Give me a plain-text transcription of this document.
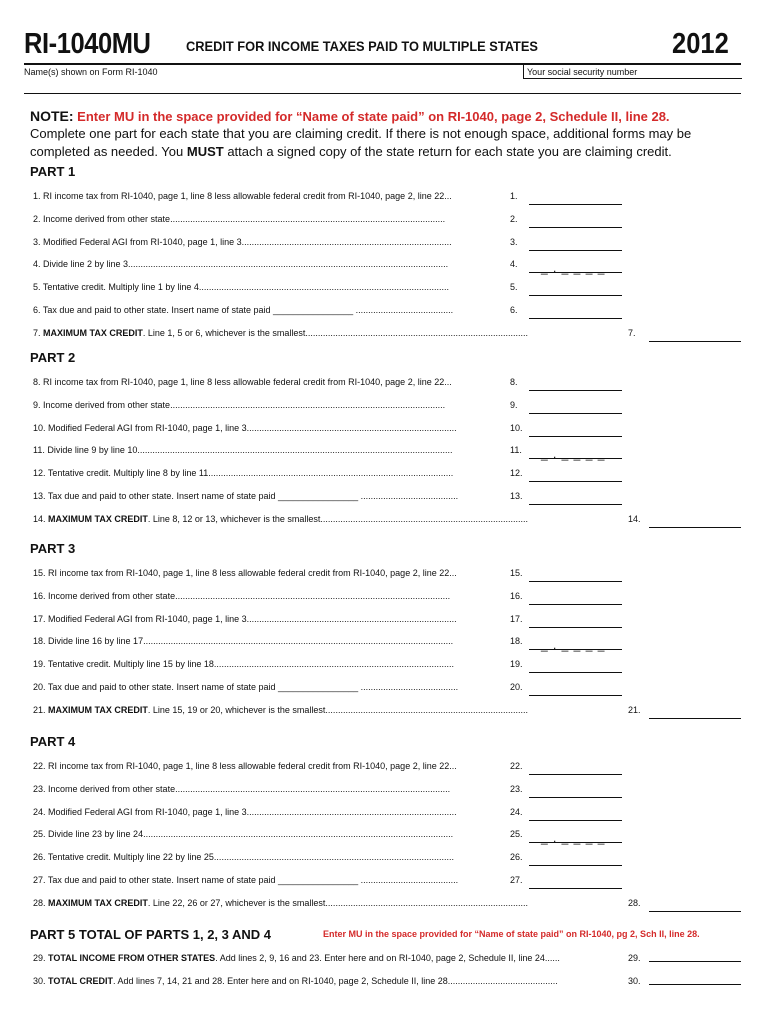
RI-1040MU	CREDIT FOR INCOME TAXES PAID TO MULTIPLE STATES	2012
Name(s) shown on Form RI-1040	Your social security number
NOTE: Enter MU in the space provided for “Name of state paid” on RI-1040, page 2, Schedule II, line 28.
Complete one part for each state that you are claiming credit. If there is not enough space, additional forms may be completed as needed. You MUST attach a signed copy of the state return for each state you are claiming credit.
PART 1
1. RI income tax from RI-1040, page 1, line 8 less allowable federal credit from RI-1040, page 2, line 22...	1.
2. Income derived from other state..............................................................................................................	2.
3. Modified Federal AGI from RI-1040, page 1, line 3....................................................................................	3.
4. Divide line 2 by line 3................................................................................................................................	4. _ . _ _ _ _
5. Tentative credit. Multiply line 1 by line 4....................................................................................................	5.
6. Tax due and paid to other state. Insert name of state paid ________________ .......................................	6.
7. MAXIMUM TAX CREDIT. Line 1, 5 or 6, whichever is the smallest.........................................................................................	7.
PART 2
8. RI income tax from RI-1040, page 1, line 8 less allowable federal credit from RI-1040, page 2, line 22...	8.
9. Income derived from other state..............................................................................................................	9.
10. Modified Federal AGI from RI-1040, page 1, line 3....................................................................................	10.
11. Divide line 9 by line 10..............................................................................................................................	11. _ . _ _ _ _
12. Tentative credit. Multiply line 8 by line 11..................................................................................................	12.
13. Tax due and paid to other state. Insert name of state paid ________________ .......................................	13.
14. MAXIMUM TAX CREDIT. Line 8, 12 or 13, whichever is the smallest...................................................................................	14.
PART 3
15. RI income tax from RI-1040, page 1, line 8 less allowable federal credit from RI-1040, page 2, line 22...	15.
16. Income derived from other state..............................................................................................................	16.
17. Modified Federal AGI from RI-1040, page 1, line 3....................................................................................	17.
18. Divide line 16 by line 17............................................................................................................................	18. _ . _ _ _ _
19. Tentative credit. Multiply line 15 by line 18................................................................................................	19.
20. Tax due and paid to other state. Insert name of state paid ________________ .......................................	20.
21. MAXIMUM TAX CREDIT. Line 15, 19 or 20, whichever is the smallest.................................................................................	21.
PART 4
22. RI income tax from RI-1040, page 1, line 8 less allowable federal credit from RI-1040, page 2, line 22...	22.
23. Income derived from other state..............................................................................................................	23.
24. Modified Federal AGI from RI-1040, page 1, line 3....................................................................................	24.
25. Divide line 23 by line 24............................................................................................................................	25. _ . _ _ _ _
26. Tentative credit. Multiply line 22 by line 25................................................................................................	26.
27. Tax due and paid to other state. Insert name of state paid ________________ .......................................	27.
28. MAXIMUM TAX CREDIT. Line 22, 26 or 27, whichever is the smallest.................................................................................	28.
PART 5 TOTAL OF PARTS 1, 2, 3 AND 4	Enter MU in the space provided for “Name of state paid” on RI-1040, pg 2, Sch II, line 28.
29. TOTAL INCOME FROM OTHER STATES. Add lines 2, 9, 16 and 23. Enter here and on RI-1040, page 2, Schedule II, line 24......	29.
30. TOTAL CREDIT. Add lines 7, 14, 21 and 28. Enter here and on RI-1040, page 2, Schedule II, line 28............................................	30.
